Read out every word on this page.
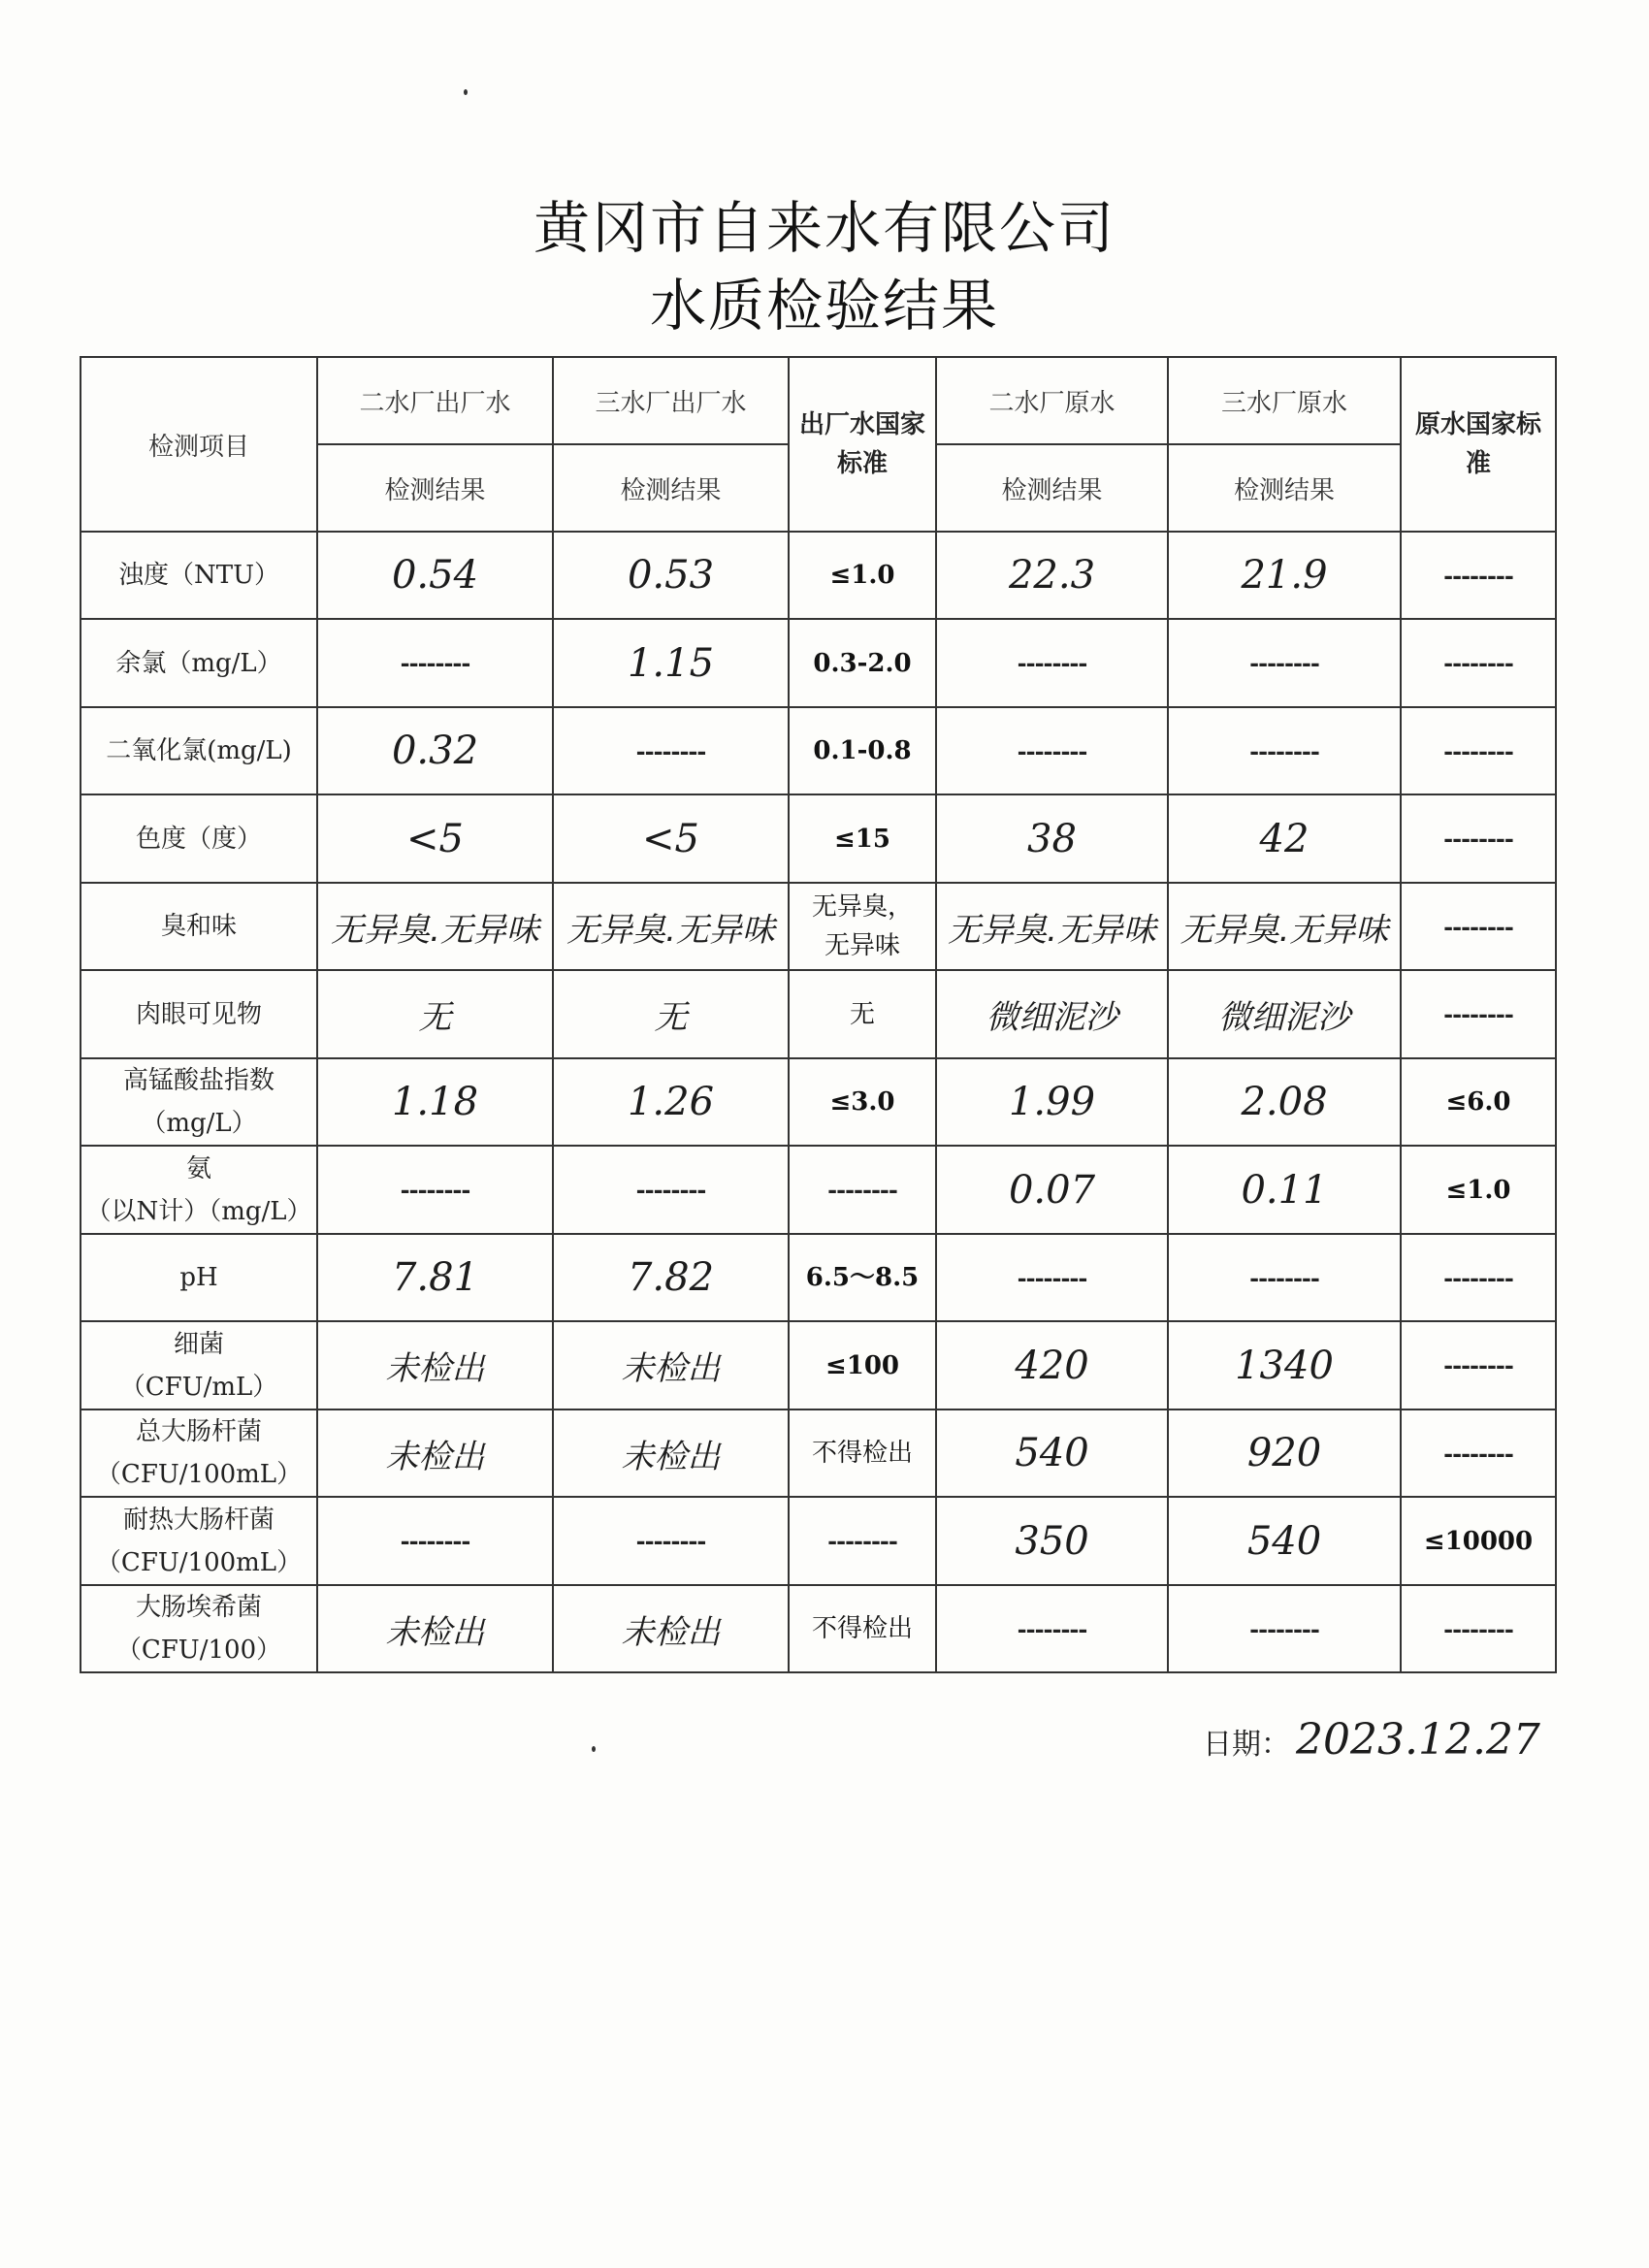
黄冈市自来水有限公司
水质检验结果
检测项目	二水厂出厂水	三水厂出厂水	出厂水国家标准	二水厂原水	三水厂原水	原水国家标准
	检测结果	检测结果		检测结果	检测结果	
浊度（NTU）	0.54	0.53	≤1.0	22.3	21.9	--------
余氯（mg/L）	--------	1.15	0.3-2.0	--------	--------	--------
二氧化氯(mg/L)	0.32	--------	0.1-0.8	--------	--------	--------
色度（度）	<5	<5	≤15	38	42	--------
臭和味	无异臭.无异味	无异臭.无异味	无异臭，
无异味	无异臭.无异味	无异臭.无异味	--------
肉眼可见物	无	无	无	微细泥沙	微细泥沙	--------
高锰酸盐指数
（mg/L）	1.18	1.26	≤3.0	1.99	2.08	≤6.0
氨
（以N计）（mg/L）	--------	--------	--------	0.07	0.11	≤1.0
pH	7.81	7.82	6.5～8.5	--------	--------	--------
细菌
（CFU/mL）	未检出	未检出	≤100	420	1340	--------
总大肠杆菌
（CFU/100mL）	未检出	未检出	不得检出	540	920	--------
耐热大肠杆菌
（CFU/100mL）	--------	--------	--------	350	540	≤10000
大肠埃希菌
（CFU/100）	未检出	未检出	不得检出	--------	--------	--------
日期： 2023.12.27
